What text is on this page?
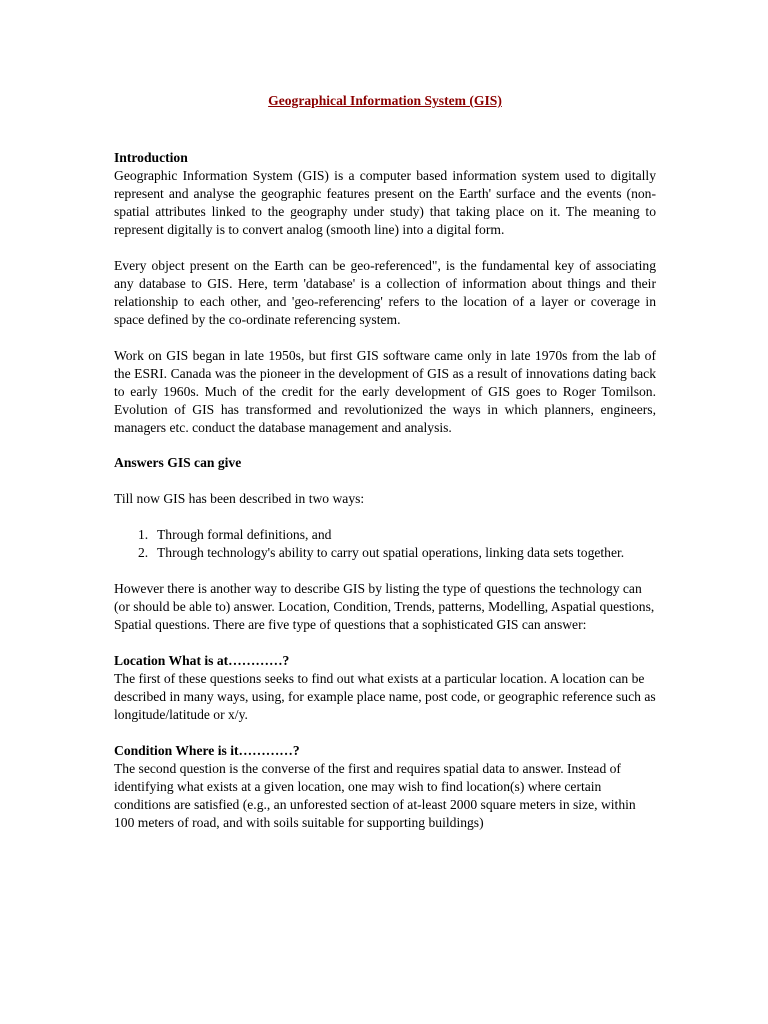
Geographical Information System (GIS)

Introduction

Geographic Information System (GIS) is a computer based information system used to digitally represent and analyse the geographic features present on the Earth' surface and the events (non-spatial attributes linked to the geography under study) that taking place on it. The meaning to represent digitally is to convert analog (smooth line) into a digital form.

Every object present on the Earth can be geo-referenced", is the fundamental key of associating any database to GIS. Here, term 'database' is a collection of information about things and their relationship to each other, and 'geo-referencing' refers to the location of a layer or coverage in space defined by the co-ordinate referencing system.

Work on GIS began in late 1950s, but first GIS software came only in late 1970s from the lab of the ESRI. Canada was the pioneer in the development of GIS as a result of innovations dating back to early 1960s. Much of the credit for the early development of GIS goes to Roger Tomilson. Evolution of GIS has transformed and revolutionized the ways in which planners, engineers, managers etc. conduct the database management and analysis.

Answers GIS can give

Till now GIS has been described in two ways:

1. Through formal definitions, and
2. Through technology's ability to carry out spatial operations, linking data sets together.

However there is another way to describe GIS by listing the type of questions the technology can (or should be able to) answer. Location, Condition, Trends, patterns, Modelling, Aspatial questions, Spatial questions. There are five type of questions that a sophisticated GIS can answer:

Location What is at…………?

The first of these questions seeks to find out what exists at a particular location. A location can be described in many ways, using, for example place name, post code, or geographic reference such as longitude/latitude or x/y.

Condition Where is it…………?

The second question is the converse of the first and requires spatial data to answer. Instead of identifying what exists at a given location, one may wish to find location(s) where certain conditions are satisfied (e.g., an unforested section of at-least 2000 square meters in size, within 100 meters of road, and with soils suitable for supporting buildings)
